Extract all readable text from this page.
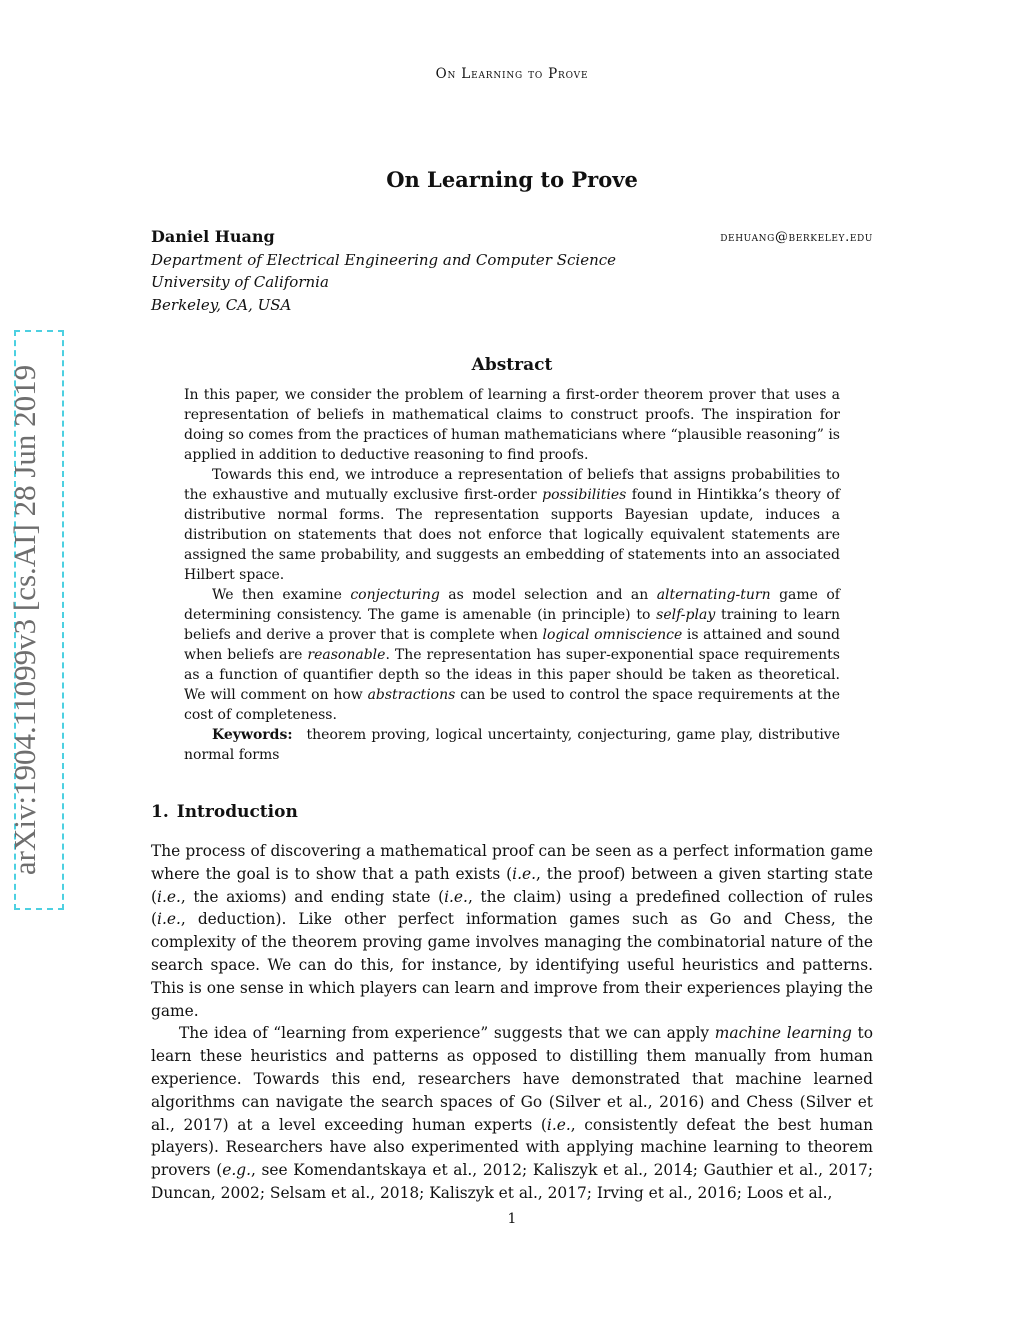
On Learning to Prove
On Learning to Prove
Daniel Huang	dehuang@berkeley.edu
Department of Electrical Engineering and Computer Science
University of California
Berkeley, CA, USA
arXiv:1904.11099v3 [cs.AI] 28 Jun 2019	Abstract

In this paper, we consider the problem of learning a first-order theorem prover that uses a representation of beliefs in mathematical claims to construct proofs. The inspiration for doing so comes from the practices of human mathematicians where “plausible reasoning” is applied in addition to deductive reasoning to find proofs.

Towards this end, we introduce a representation of beliefs that assigns probabilities to the exhaustive and mutually exclusive first-order possibilities found in Hintikka’s theory of distributive normal forms. The representation supports Bayesian update, induces a distribution on statements that does not enforce that logically equivalent statements are assigned the same probability, and suggests an embedding of statements into an associated Hilbert space.

We then examine conjecturing as model selection and an alternating-turn game of determining consistency. The game is amenable (in principle) to self-play training to learn beliefs and derive a prover that is complete when logical omniscience is attained and sound when beliefs are reasonable. The representation has super-exponential space requirements as a function of quantifier depth so the ideas in this paper should be taken as theoretical. We will comment on how abstractions can be used to control the space requirements at the cost of completeness.

Keywords: theorem proving, logical uncertainty, conjecturing, game play, distributive normal forms

1. Introduction

The process of discovering a mathematical proof can be seen as a perfect information game where the goal is to show that a path exists (i.e., the proof) between a given starting state (i.e., the axioms) and ending state (i.e., the claim) using a predefined collection of rules (i.e., deduction). Like other perfect information games such as Go and Chess, the complexity of the theorem proving game involves managing the combinatorial nature of the search space. We can do this, for instance, by identifying useful heuristics and patterns. This is one sense in which players can learn and improve from their experiences playing the game.

The idea of “learning from experience” suggests that we can apply machine learning to learn these heuristics and patterns as opposed to distilling them manually from human experience. Towards this end, researchers have demonstrated that machine learned algorithms can navigate the search spaces of Go (Silver et al., 2016) and Chess (Silver et al., 2017) at a level exceeding human experts (i.e., consistently defeat the best human players). Researchers have also experimented with applying machine learning to theorem provers (e.g., see Komendantskaya et al., 2012; Kaliszyk et al., 2014; Gauthier et al., 2017; Duncan, 2002; Selsam et al., 2018; Kaliszyk et al., 2017; Irving et al., 2016; Loos et al.,

1
